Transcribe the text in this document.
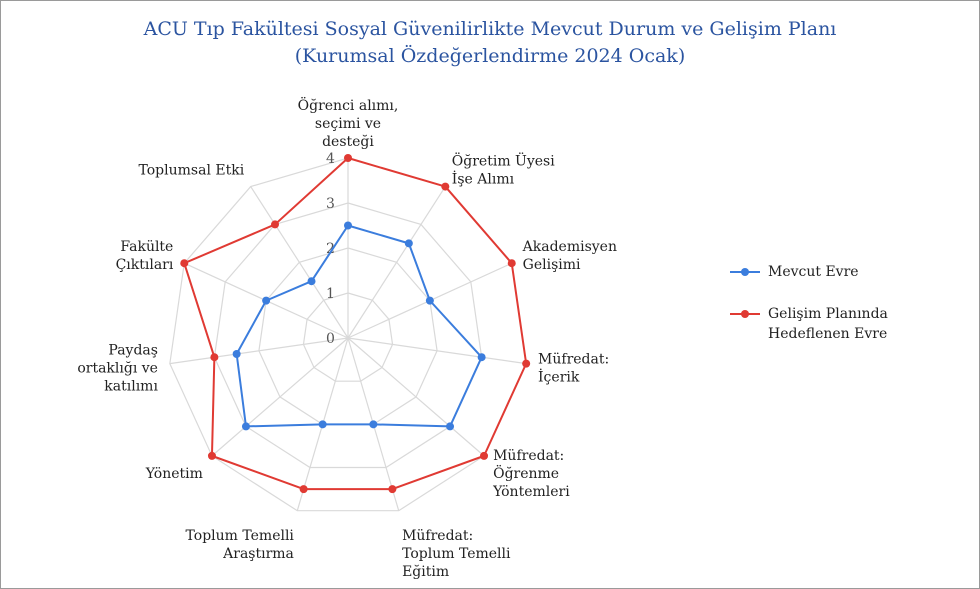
ACU Tıp Fakültesi Sosyal Güvenilirlikte Mevcut Durum ve Gelişim Planı
(Kurumsal Özdeğerlendirme 2024 Ocak)
0
1
2
3
4
Öğrenci alımı, seçimi ve desteği
Öğretim Üyesi İşe Alımı
Akademisyen Gelişimi
Müfredat: İçerik
Müfredat: Öğrenme Yöntemleri
Müfredat: Toplum Temelli Eğitim
Toplum Temelli Araştırma
Yönetim
Paydaş ortaklığı ve katılımı
Fakülte Çıktıları
Toplumsal Etki
Mevcut Evre
Gelişim Planında
Hedeflenen Evre
